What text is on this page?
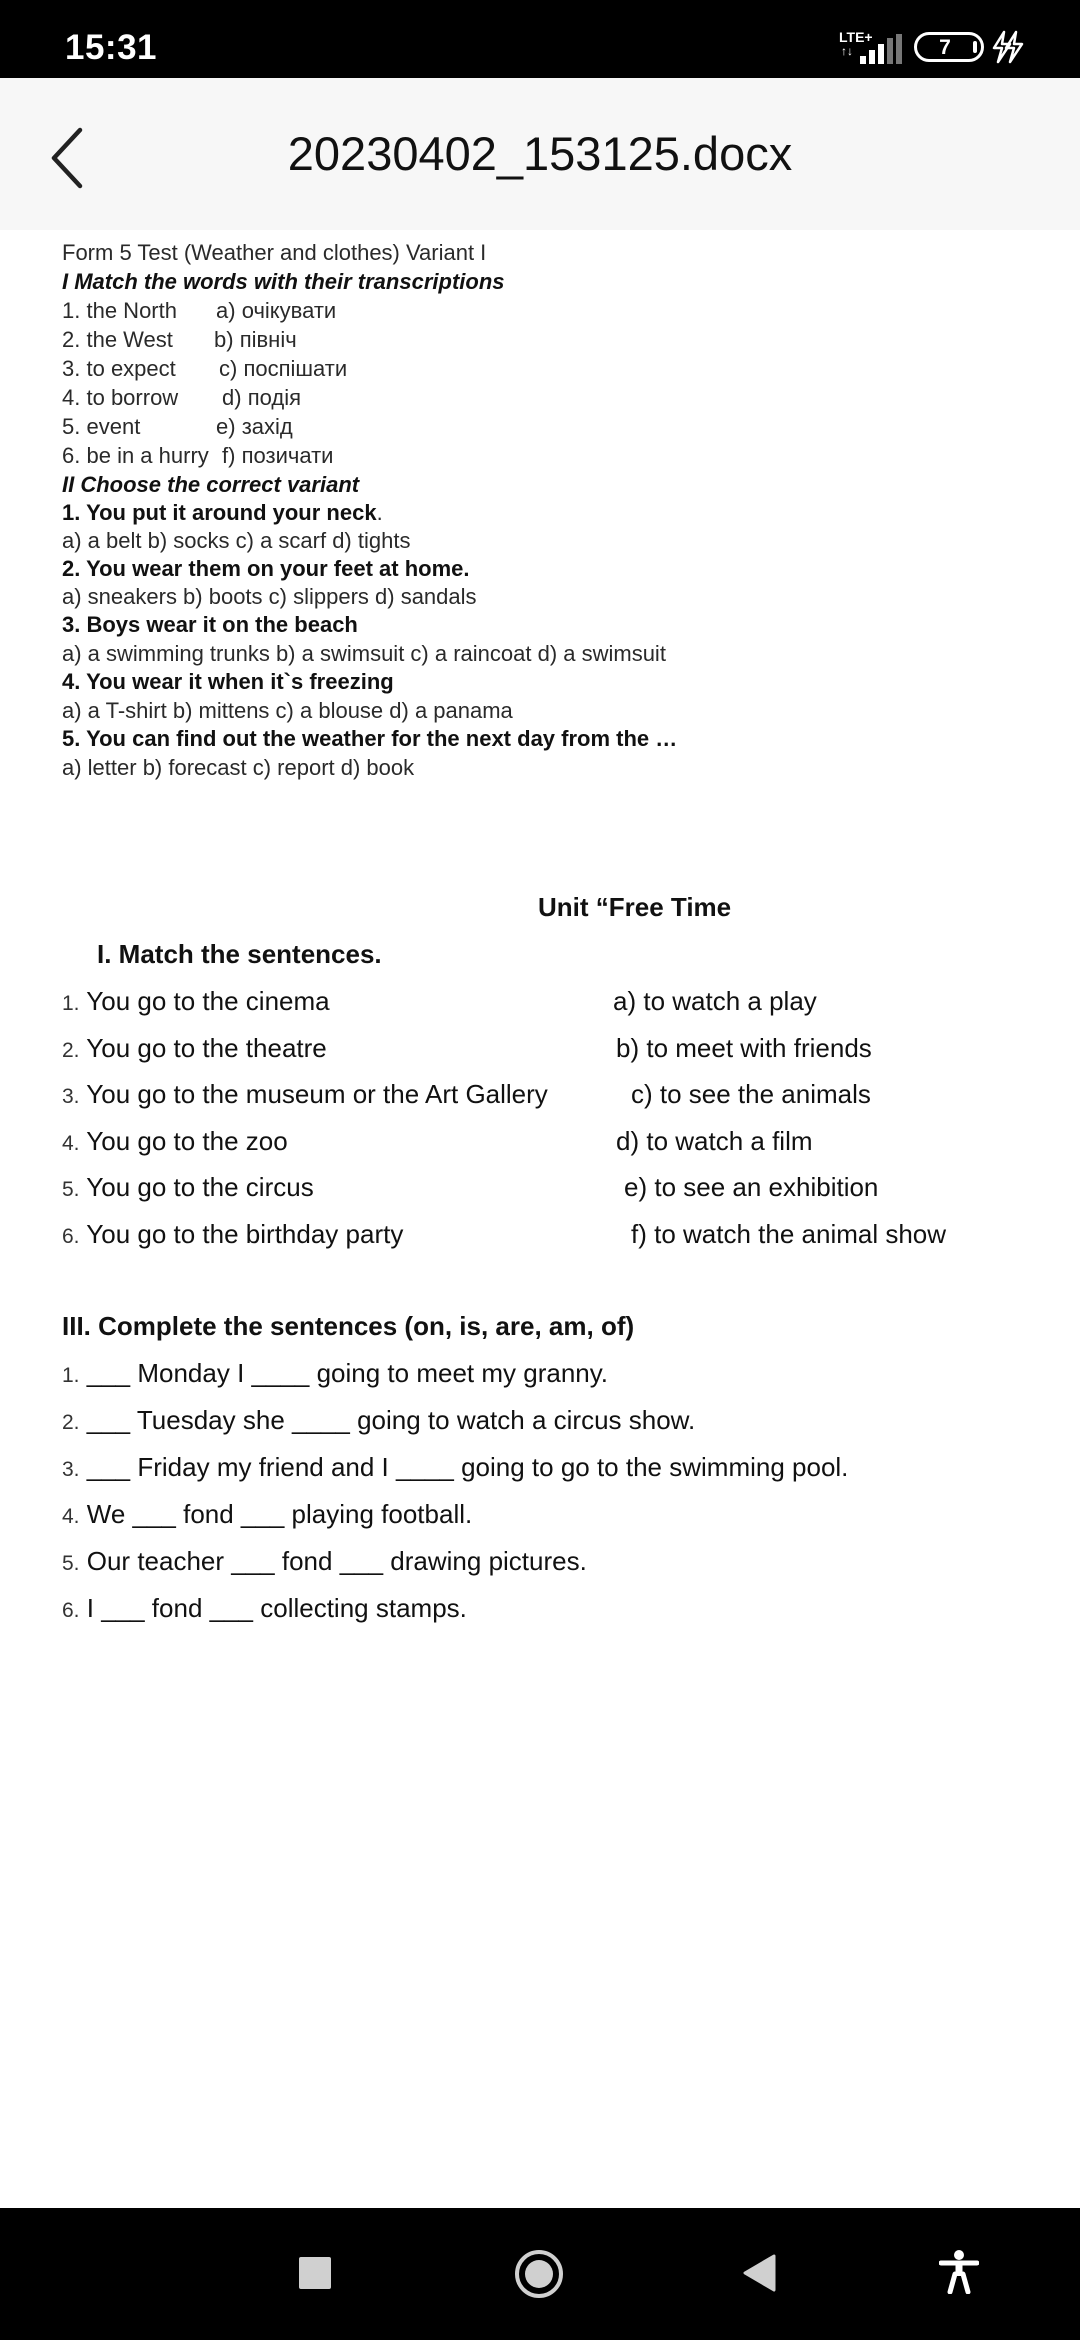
15:31	LTE+
↑↓	7
20230402_153125.docx
Form 5 Test (Weather and clothes) Variant I
I Match the words with their transcriptions
1. the North a) очікувати
2. the West b) північ
3. to expect c) поспішати
4. to borrow d) подія
5. event	e) захід
6. be in a hurry f) позичати
II Choose the correct variant
1. You put it around your neck.
a) a belt b) socks c) a scarf d) tights
2. You wear them on your feet at home.
a) sneakers b) boots c) slippers d) sandals
3. Boys wear it on the beach
a) a swimming trunks b) a swimsuit c) a raincoat d) a swimsuit
4. You wear it when it`s freezing
a) a T-shirt b) mittens c) a blouse d) a panama
5. You can find out the weather for the next day from the …
a) letter b) forecast c) report d) book
Unit “Free Time
I. Match the sentences.
1. You go to the cinema	a) to watch a play
2. You go to the theatre	b) to meet with friends
3. You go to the museum or the Art Gallery	c) to see the animals
4. You go to the zoo	d) to watch a film
5. You go to the circus	e) to see an exhibition
6. You go to the birthday party	f) to watch the animal show
III. Complete the sentences (on, is, are, am, of)
1. ___ Monday I ____ going to meet my granny.
2. ___ Tuesday she ____ going to watch a circus show.
3. ___ Friday my friend and I ____ going to go to the swimming pool.
4. We ___ fond ___ playing football.
5. Our teacher ___ fond ___ drawing pictures.
6. I ___ fond ___ collecting stamps.
